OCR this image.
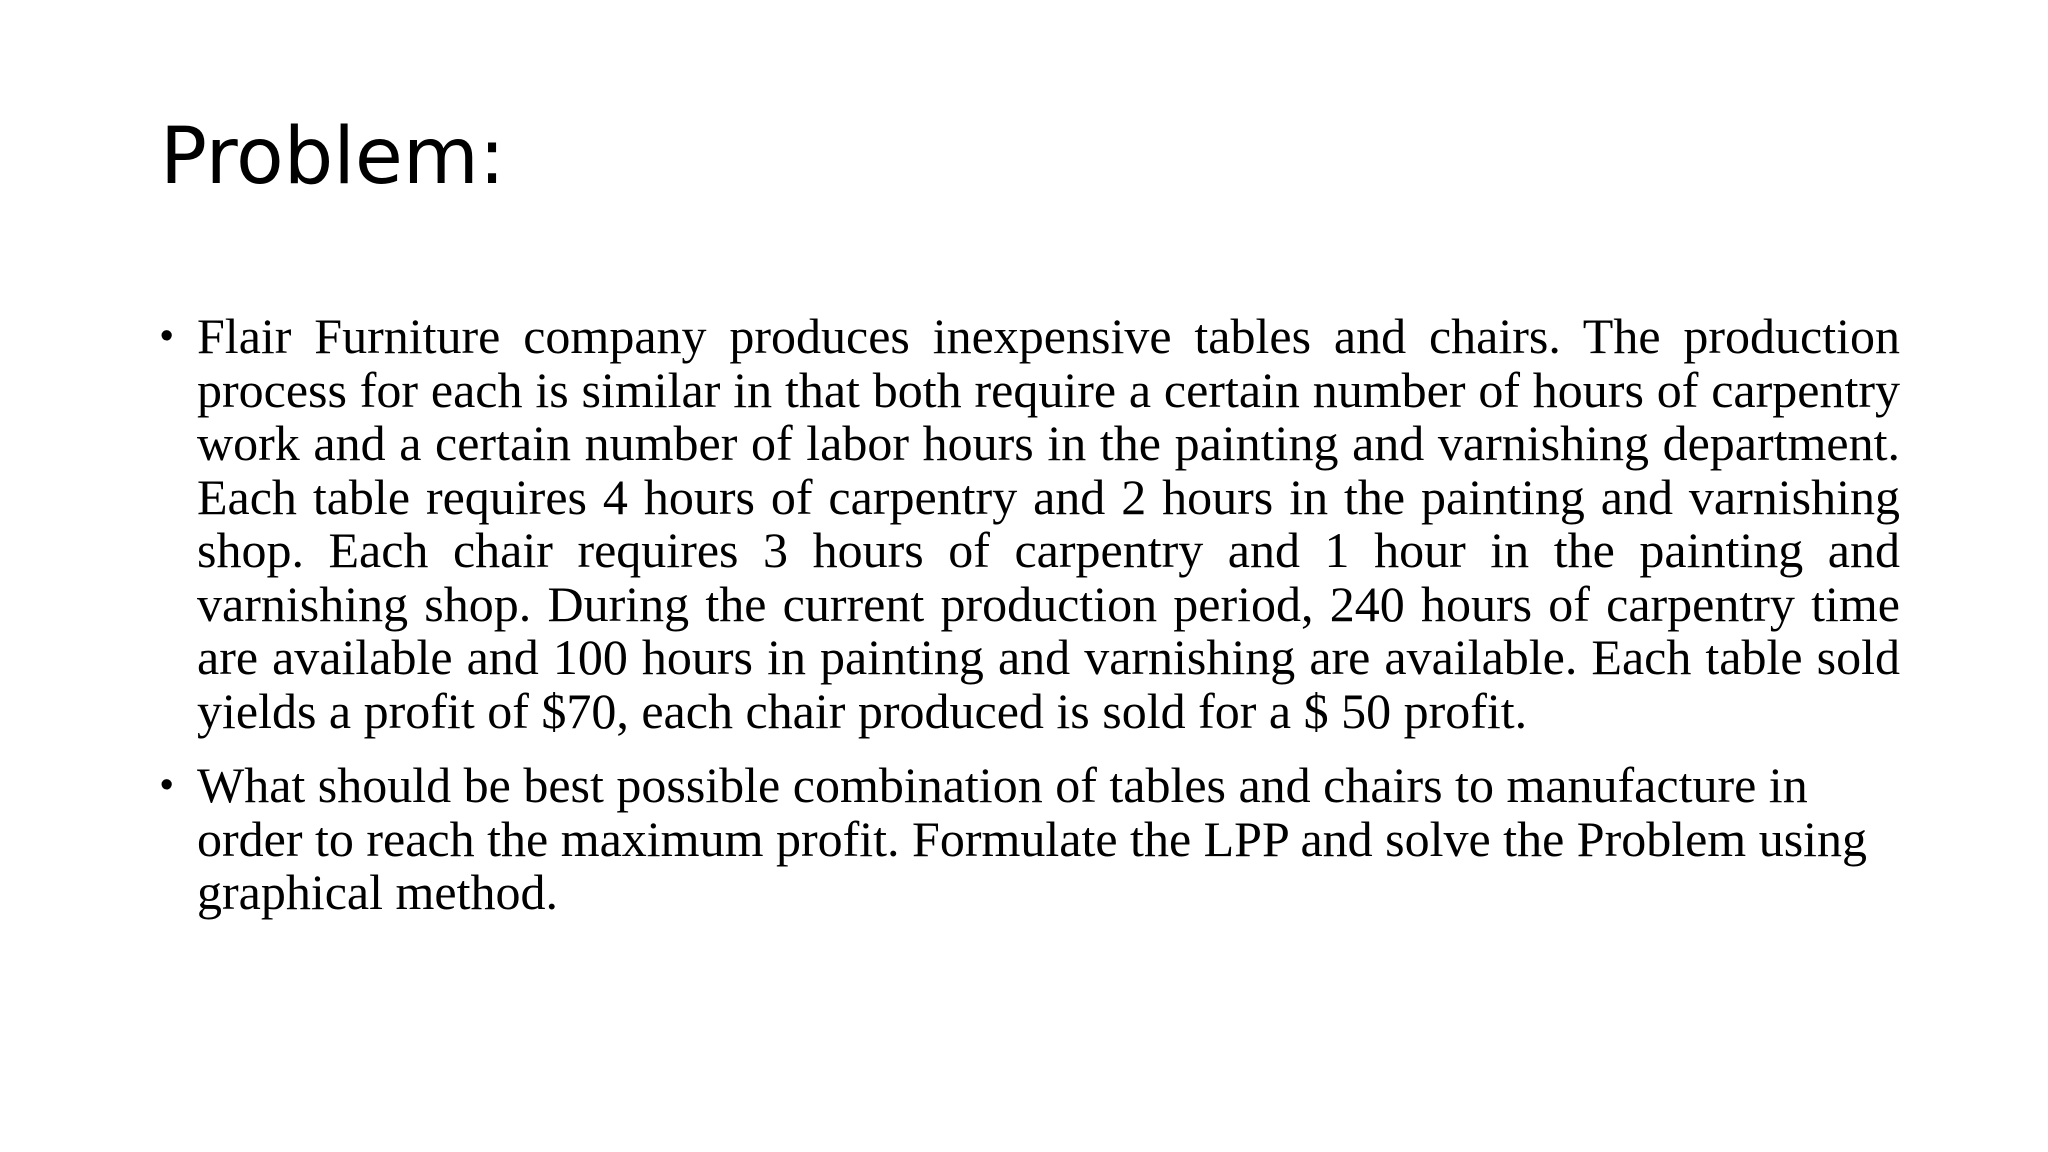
Problem:
• Flair Furniture company produces inexpensive tables and chairs. The production process for each is similar in that both require a certain number of hours of carpentry work and a certain number of labor hours in the painting and varnishing department. Each table requires 4 hours of carpentry and 2 hours in the painting and varnishing shop. Each chair requires 3 hours of carpentry and 1 hour in the painting and varnishing shop. During the current production period, 240 hours of carpentry time are available and 100 hours in painting and varnishing are available. Each table sold yields a profit of $70, each chair produced is sold for a $ 50 profit.
• What should be best possible combination of tables and chairs to manufacture in order to reach the maximum profit. Formulate the LPP and solve the Problem using graphical method.
